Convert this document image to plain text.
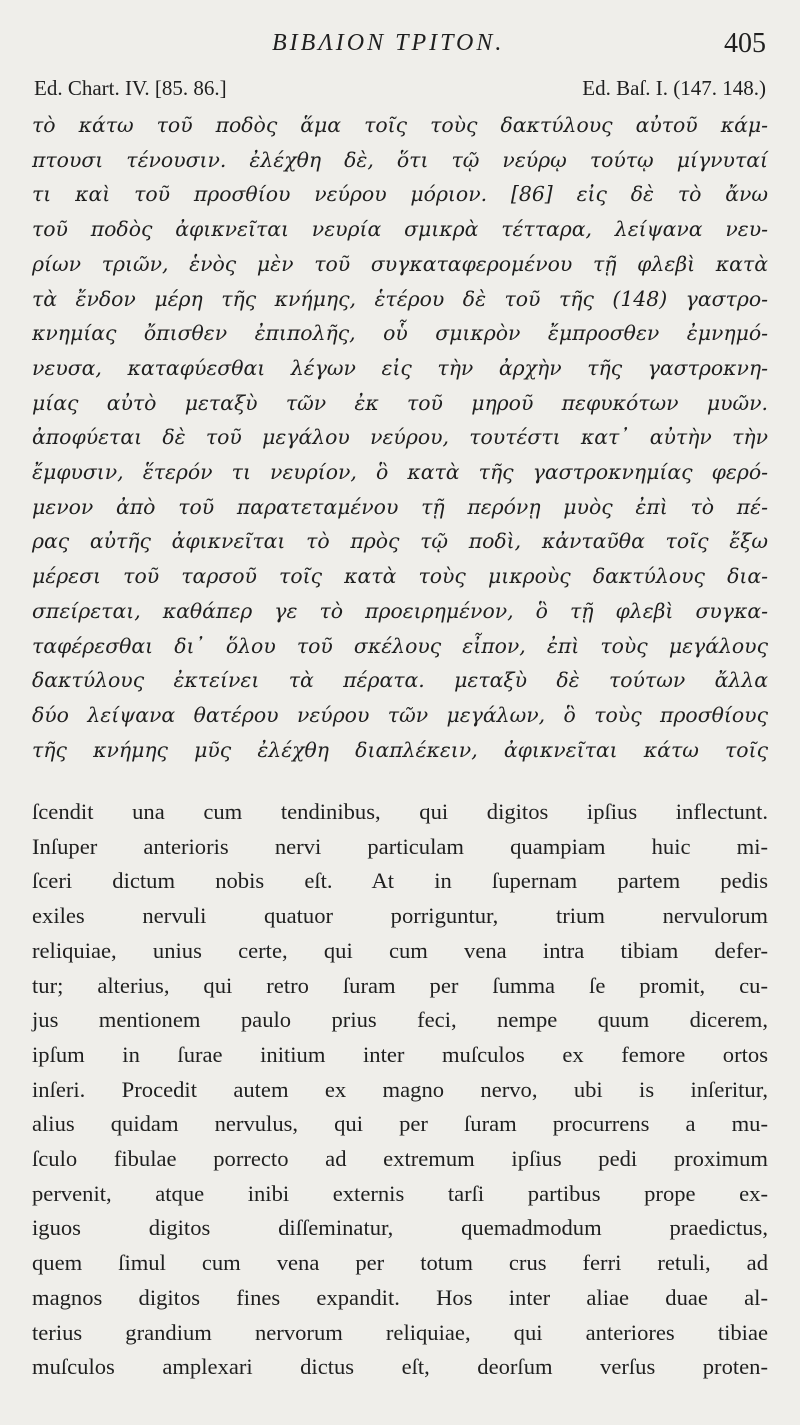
BIBΛΙΟΝ TΡITON.	405
Ed. Chart. IV. [85. 86.]	Ed. Baſ. I. (147. 148.)
τὸ κάτω τοῦ ποδὸς ἅμα τοῖς τοὺς δακτύλους αὐτοῦ κάμ-
πτουσι τένουσιν. ἐλέχθη δὲ, ὅτι τῷ νεύρῳ τούτῳ μίγνυταί
τι καὶ τοῦ προσθίου νεύρου μόριον. [86] εἰς δὲ τὸ ἄνω
τοῦ ποδὸς ἀφικνεῖται νευρία σμικρὰ τέτταρα, λείψανα νευ-
ρίων τριῶν, ἑνὸς μὲν τοῦ συγκαταφερομένου τῇ φλεβὶ κατὰ
τὰ ἔνδον μέρη τῆς κνήμης, ἑτέρου δὲ τοῦ τῆς (148) γαστρο-
κνημίας ὄπισθεν ἐπιπολῆς, οὗ σμικρὸν ἔμπροσθεν ἐμνημό-
νευσα, καταφύεσθαι λέγων εἰς τὴν ἀρχὴν τῆς γαστροκνη-
μίας αὐτὸ μεταξὺ τῶν ἐκ τοῦ μηροῦ πεφυκότων μυῶν.
ἀποφύεται δὲ τοῦ μεγάλου νεύρου, τουτέστι κατ᾽ αὐτὴν τὴν
ἔμφυσιν, ἕτερόν τι νευρίον, ὃ κατὰ τῆς γαστροκνημίας φερό-
μενον ἀπὸ τοῦ παρατεταμένου τῇ περόνῃ μυὸς ἐπὶ τὸ πέ-
ρας αὐτῆς ἀφικνεῖται τὸ πρὸς τῷ ποδὶ, κἀνταῦθα τοῖς ἔξω
μέρεσι τοῦ ταρσοῦ τοῖς κατὰ τοὺς μικροὺς δακτύλους δια-
σπείρεται, καθάπερ γε τὸ προειρημένον, ὃ τῇ φλεβὶ συγκα-
ταφέρεσθαι δι᾽ ὅλου τοῦ σκέλους εἶπον, ἐπὶ τοὺς μεγάλους
δακτύλους ἐκτείνει τὰ πέρατα. μεταξὺ δὲ τούτων ἄλλα
δύο λείψανα θατέρου νεύρου τῶν μεγάλων, ὃ τοὺς προσθίους
τῆς κνήμης μῦς ἐλέχθη διαπλέκειν, ἀφικνεῖται κάτω τοῖς
ſcendit una cum tendinibus, qui digitos ipſius inflectunt.
Inſuper anterioris nervi particulam quampiam huic mi-
ſceri dictum nobis eſt. At in ſupernam partem pedis
exiles nervuli quatuor porriguntur, trium nervulorum
reliquiae, unius certe, qui cum vena intra tibiam defer-
tur; alterius, qui retro ſuram per ſumma ſe promit, cu-
jus mentionem paulo prius feci, nempe quum dicerem,
ipſum in ſurae initium inter muſculos ex femore ortos
inſeri. Procedit autem ex magno nervo, ubi is inſeritur,
alius quidam nervulus, qui per ſuram procurrens a mu-
ſculo fibulae porrecto ad extremum ipſius pedi proximum
pervenit, atque inibi externis tarſi partibus prope ex-
iguos digitos diſſeminatur, quemadmodum praedictus,
quem ſimul cum vena per totum crus ferri retuli, ad
magnos digitos fines expandit. Hos inter aliae duae al-
terius grandium nervorum reliquiae, qui anteriores tibiae
muſculos amplexari dictus eſt, deorſum verſus proten-
